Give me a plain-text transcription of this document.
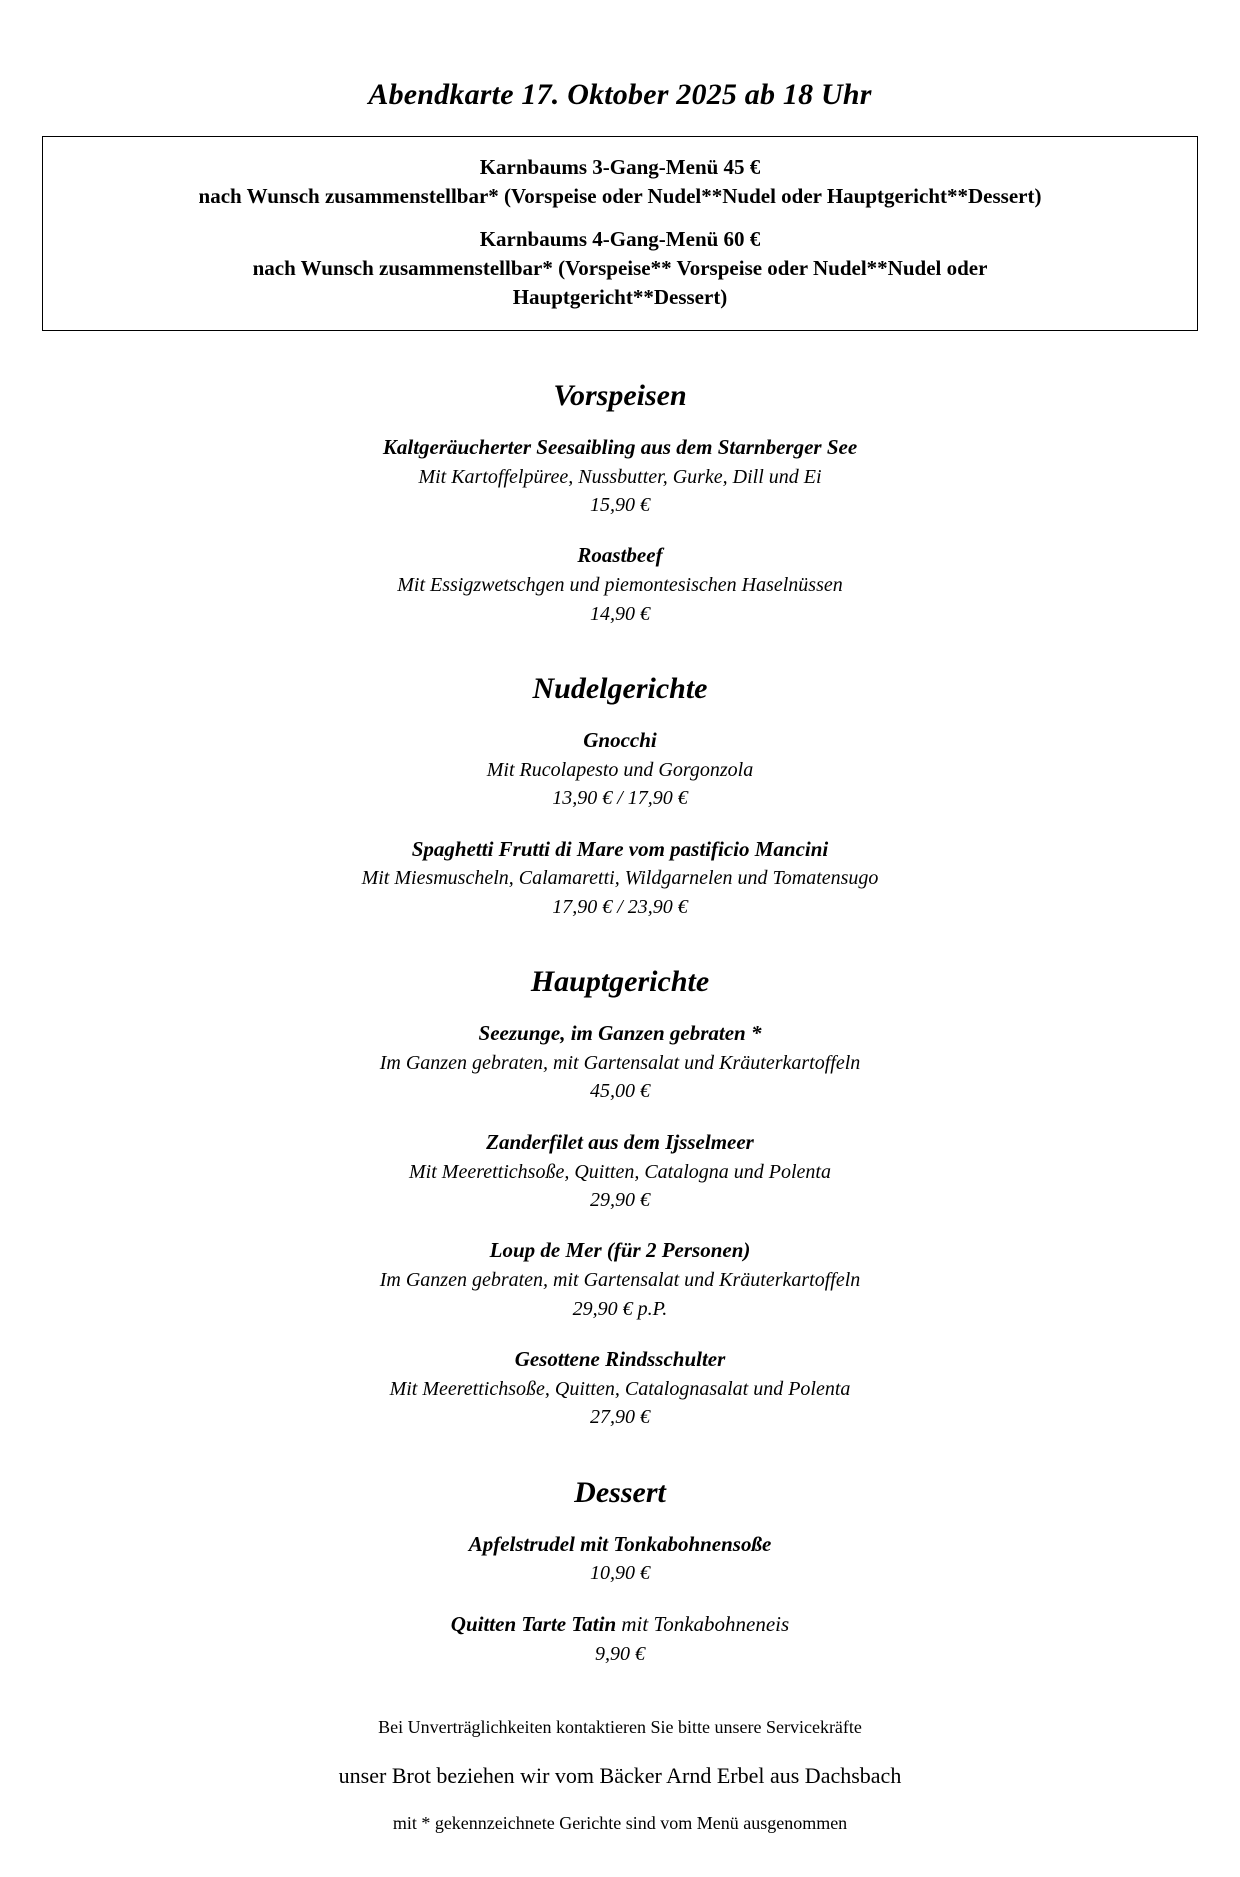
Abendkarte 17. Oktober 2025 ab 18 Uhr

Karnbaums 3-Gang-Menü 45 €

nach Wunsch zusammenstellbar* (Vorspeise oder Nudel**Nudel oder Hauptgericht**Dessert)

Karnbaums 4-Gang-Menü 60 €

nach Wunsch zusammenstellbar* (Vorspeise** Vorspeise oder Nudel**Nudel oder

Hauptgericht**Dessert)

Vorspeisen
Kaltgeräucherter Seesaibling aus dem Starnberger See
Mit Kartoffelpüree, Nussbutter, Gurke, Dill und Ei
15,90 €
Roastbeef
Mit Essigzwetschgen und piemontesischen Haselnüssen
14,90 €
Nudelgerichte
Gnocchi
Mit Rucolapesto und Gorgonzola
13,90 € / 17,90 €
Spaghetti Frutti di Mare vom pastificio Mancini
Mit Miesmuscheln, Calamaretti, Wildgarnelen und Tomatensugo
17,90 € / 23,90 €
Hauptgerichte
Seezunge, im Ganzen gebraten *
Im Ganzen gebraten, mit Gartensalat und Kräuterkartoffeln
45,00 €
Zanderfilet aus dem Ijsselmeer
Mit Meerettichsoße, Quitten, Catalogna und Polenta
29,90 €
Loup de Mer (für 2 Personen)
Im Ganzen gebraten, mit Gartensalat und Kräuterkartoffeln
29,90 € p.P.
Gesottene Rindsschulter
Mit Meerettichsoße, Quitten, Catalognasalat und Polenta
27,90 €
Dessert
Apfelstrudel mit Tonkabohnensoße
10,90 €
Quitten Tarte Tatin mit Tonkabohneneis
9,90 €
Bei Unverträglichkeiten kontaktieren Sie bitte unsere Servicekräfte
unser Brot beziehen wir vom Bäcker Arnd Erbel aus Dachsbach
mit * gekennzeichnete Gerichte sind vom Menü ausgenommen
